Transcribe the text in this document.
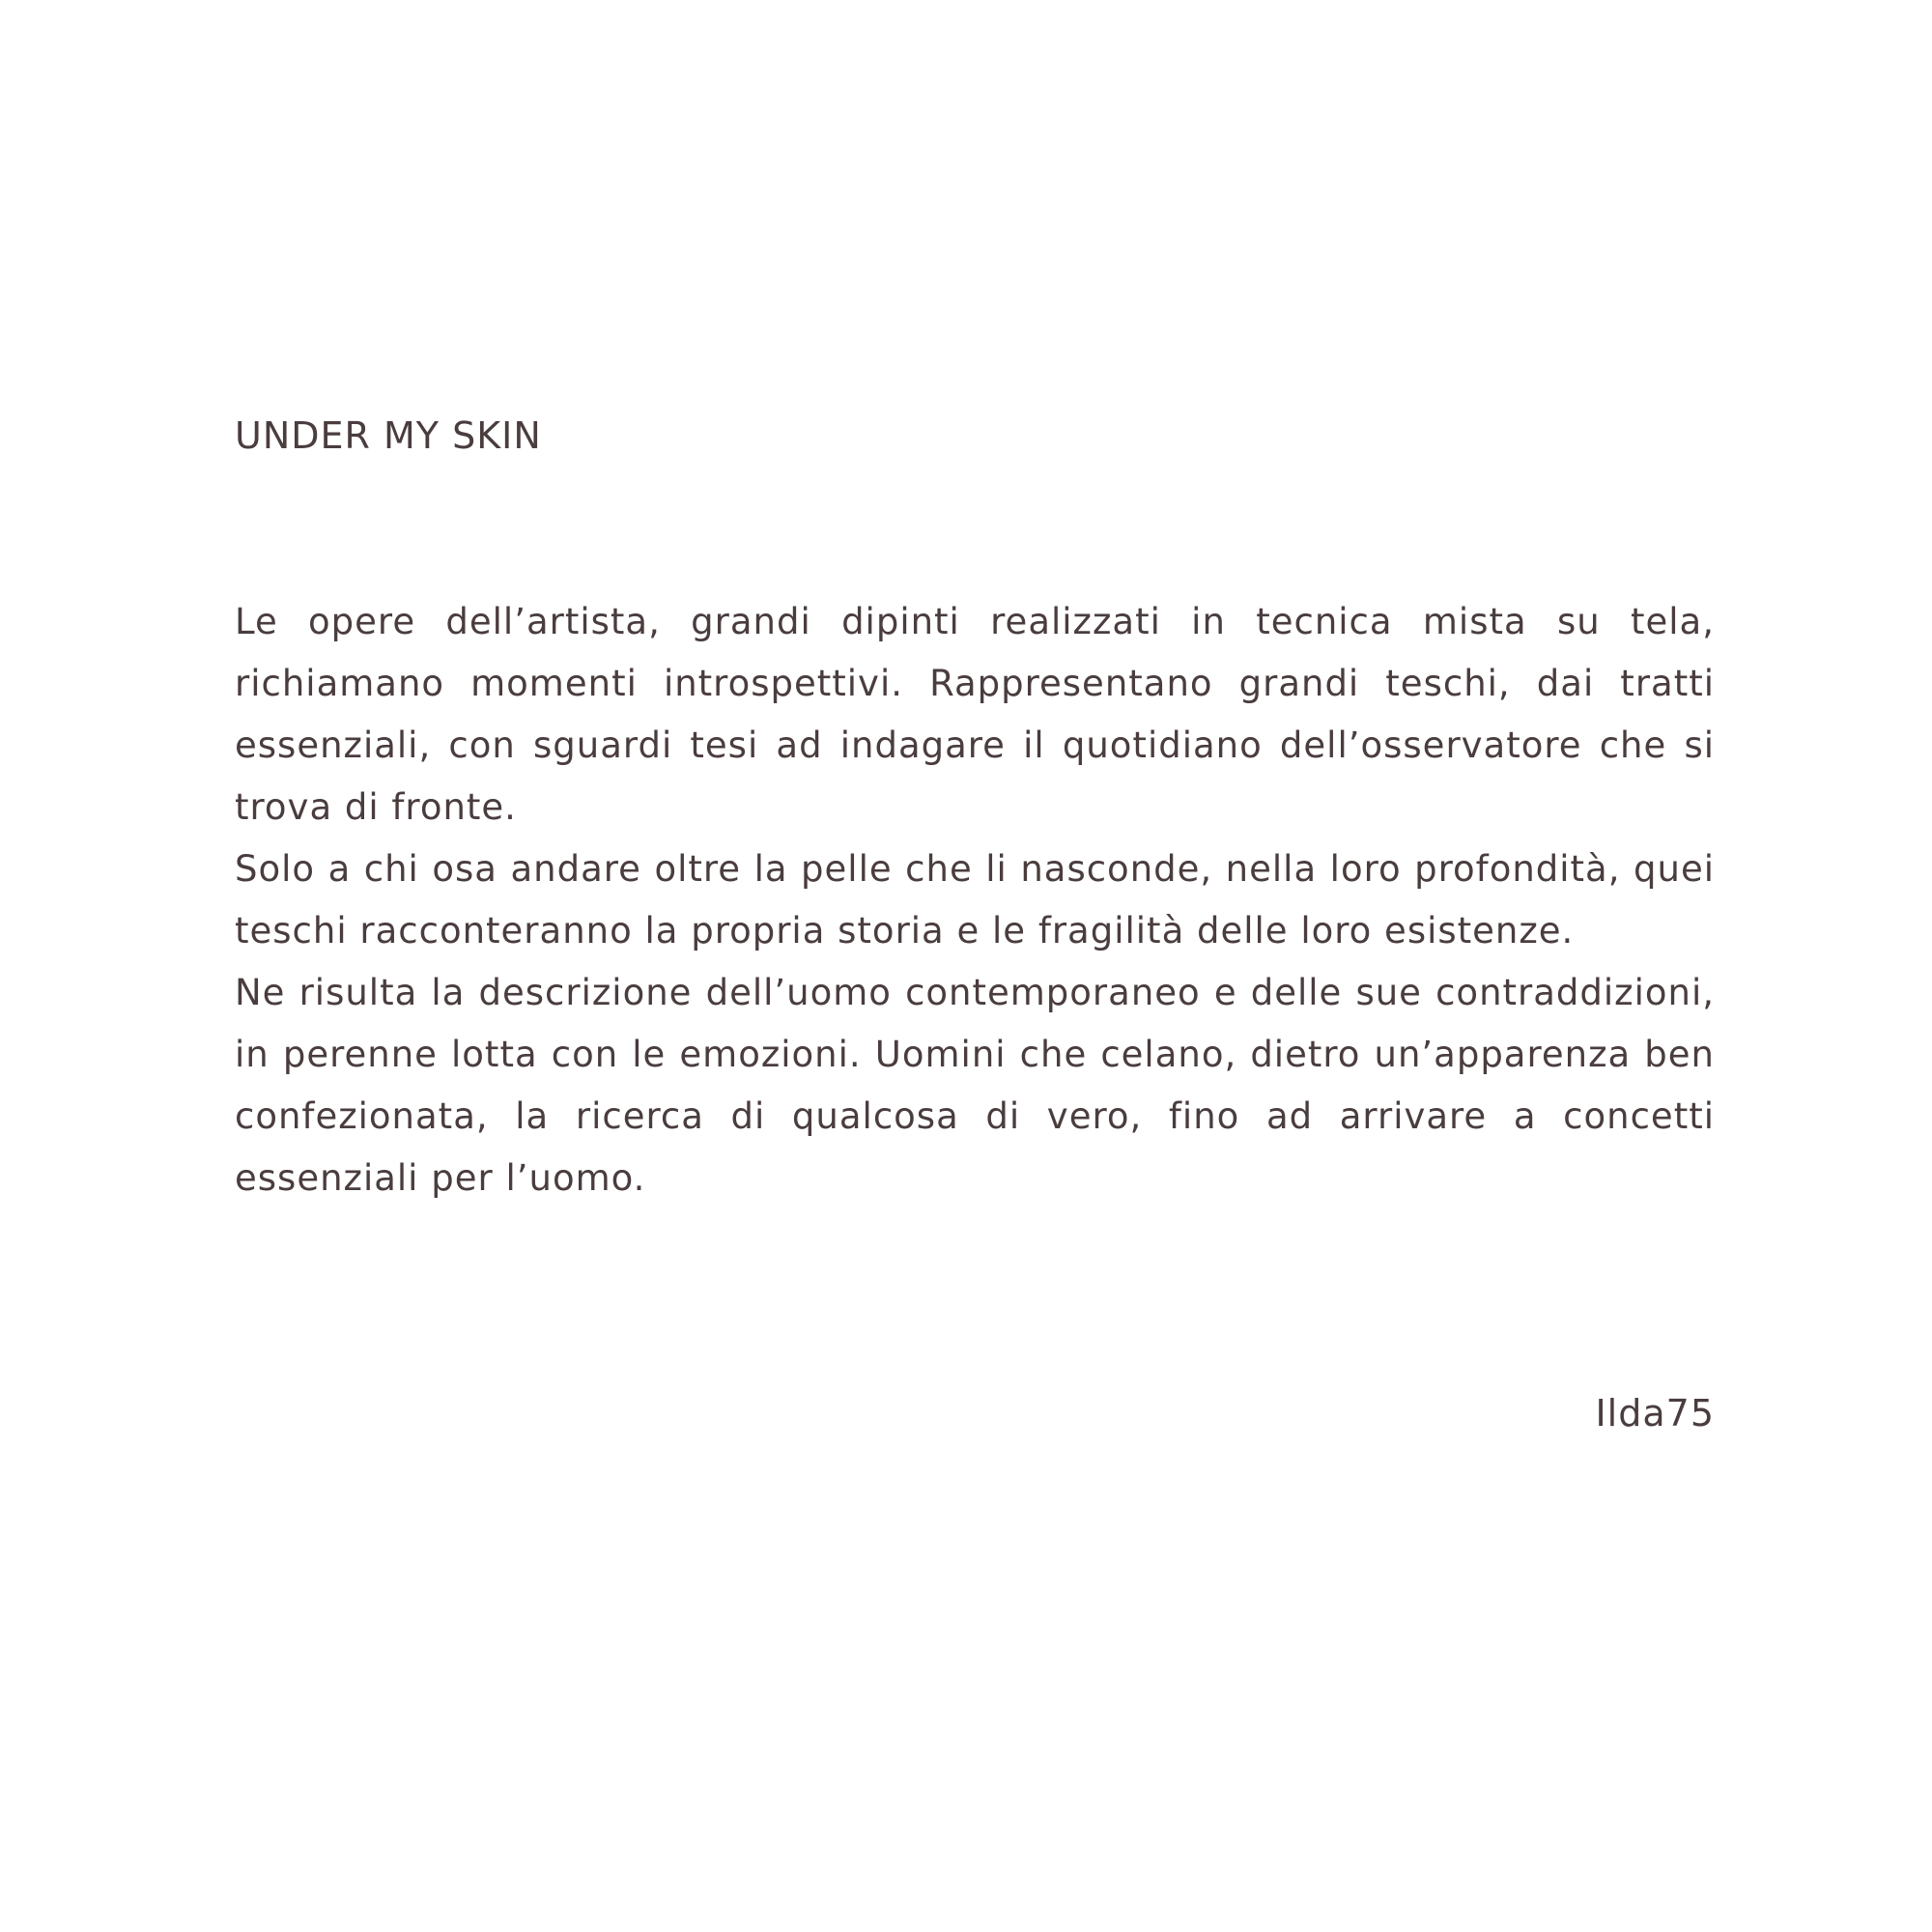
UNDER MY SKIN

Le opere dell’artista, grandi dipinti realizzati in tecnica mista su tela, richiamano momenti introspettivi. Rappresentano grandi teschi, dai tratti essenziali, con sguardi tesi ad indagare il quotidiano dell’osservatore che si trova di fronte.

Solo a chi osa andare oltre la pelle che li nasconde, nella loro profondità, quei teschi racconteranno la propria storia e le fragilità delle loro esistenze.

Ne risulta la descrizione dell’uomo contemporaneo e delle sue contraddizioni, in perenne lotta con le emozioni. Uomini che celano, dietro un’apparenza ben confezionata, la ricerca di qualcosa di vero, fino ad arrivare a concetti essenziali per l’uomo.

Ilda75
